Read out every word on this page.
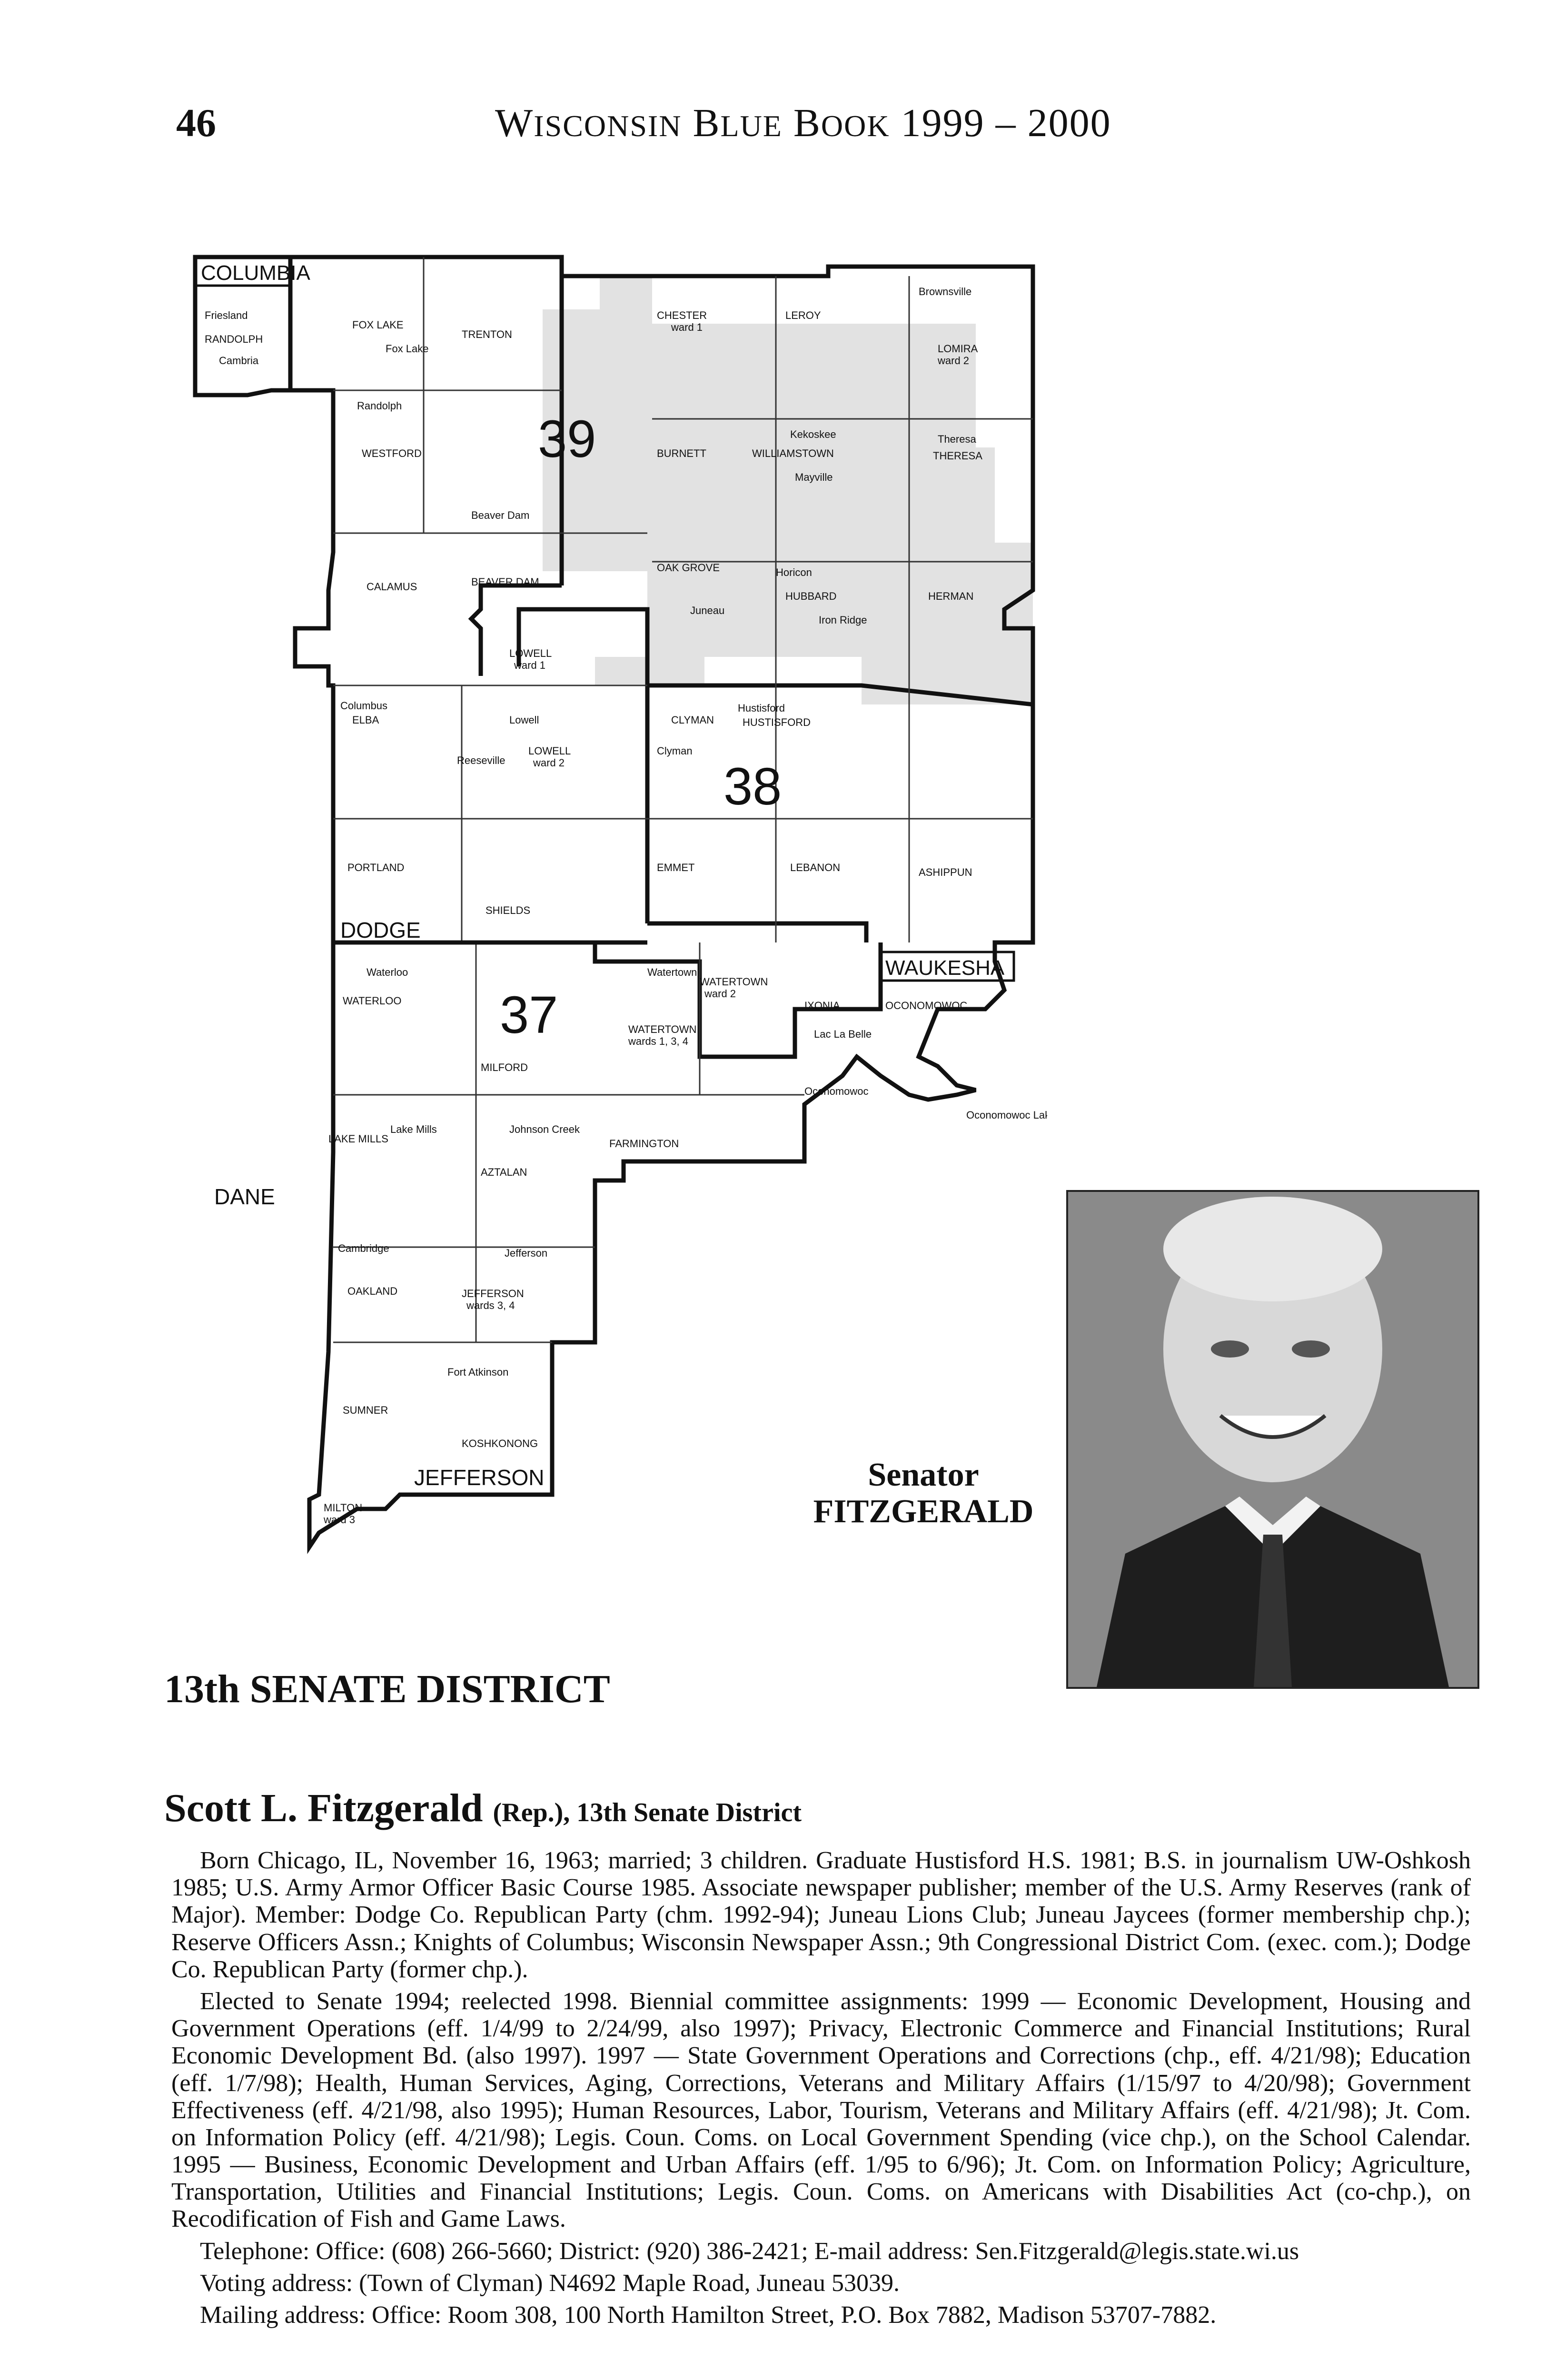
46	WISCONSIN BLUE BOOK 1999 – 2000
COLUMBIA
DODGE
DANE
WAUKESHA
JEFFERSON
39
38
37
Friesland
RANDOLPH
Cambria
FOX LAKE
Fox Lake
TRENTON
CHESTER
ward 1
LEROY
Brownsville
LOMIRA
ward 2
Randolph
WESTFORD	BURNETT
Kekoskee
WILLIAMSTOWN
Mayville
Theresa
THERESA
Beaver Dam
CALAMUS	BEAVER DAM
OAK GROVE	Horicon
Juneau
HUBBARD
Iron Ridge
HERMAN
LOWELL
ward 1
Columbus
ELBA	Lowell	CLYMAN
Hustisford
HUSTISFORD
Reeseville
LOWELL
ward 2
Clyman
PORTLAND	EMMET	LEBANON	ASHIPPUN
SHIELDS
Waterloo
WATERLOO
Watertown
WATERTOWN
ward 2
IXONIA	OCONOMOWOC
WATERTOWN
wards 1, 3, 4
Lac La Belle
MILFORD
Oconomowoc
Oconomowoc Lake
LAKE MILLS
Lake Mills	Johnson Creek
FARMINGTON
AZTALAN
Cambridge	Jefferson
OAKLAND	JEFFERSON
wards 3, 4
Fort Atkinson
SUMNER
KOSHKONONG
MILTON
ward 3
Senator
FITZGERALD
13th SENATE DISTRICT
Scott L. Fitzgerald (Rep.), 13th Senate District

Born Chicago, IL, November 16, 1963; married; 3 children. Graduate Hustisford H.S. 1981; B.S. in journalism UW-Oshkosh 1985; U.S. Army Armor Officer Basic Course 1985. Associate newspaper publisher; member of the U.S. Army Reserves (rank of Major). Member: Dodge Co. Republican Party (chm. 1992-94); Juneau Lions Club; Juneau Jaycees (former membership chp.); Reserve Officers Assn.; Knights of Columbus; Wisconsin Newspaper Assn.; 9th Congressional District Com. (exec. com.); Dodge Co. Republican Party (former chp.).

Elected to Senate 1994; reelected 1998. Biennial committee assignments: 1999 — Economic Development, Housing and Government Operations (eff. 1/4/99 to 2/24/99, also 1997); Privacy, Electronic Commerce and Financial Institutions; Rural Economic Development Bd. (also 1997). 1997 — State Government Operations and Corrections (chp., eff. 4/21/98); Education (eff. 1/7/98); Health, Human Services, Aging, Corrections, Veterans and Military Affairs (1/15/97 to 4/20/98); Government Effectiveness (eff. 4/21/98, also 1995); Human Resources, Labor, Tourism, Veterans and Military Affairs (eff. 4/21/98); Jt. Com. on Information Policy (eff. 4/21/98); Legis. Coun. Coms. on Local Government Spending (vice chp.), on the School Calendar. 1995 — Business, Economic Development and Urban Affairs (eff. 1/95 to 6/96); Jt. Com. on Information Policy; Agriculture, Transportation, Utilities and Financial Institutions; Legis. Coun. Coms. on Americans with Disabilities Act (co-chp.), on Recodification of Fish and Game Laws.

Telephone: Office: (608) 266-5660; District: (920) 386-2421; E-mail address: Sen.Fitzgerald@legis.state.wi.us

Voting address: (Town of Clyman) N4692 Maple Road, Juneau 53039.

Mailing address: Office: Room 308, 100 North Hamilton Street, P.O. Box 7882, Madison 53707-7882.
